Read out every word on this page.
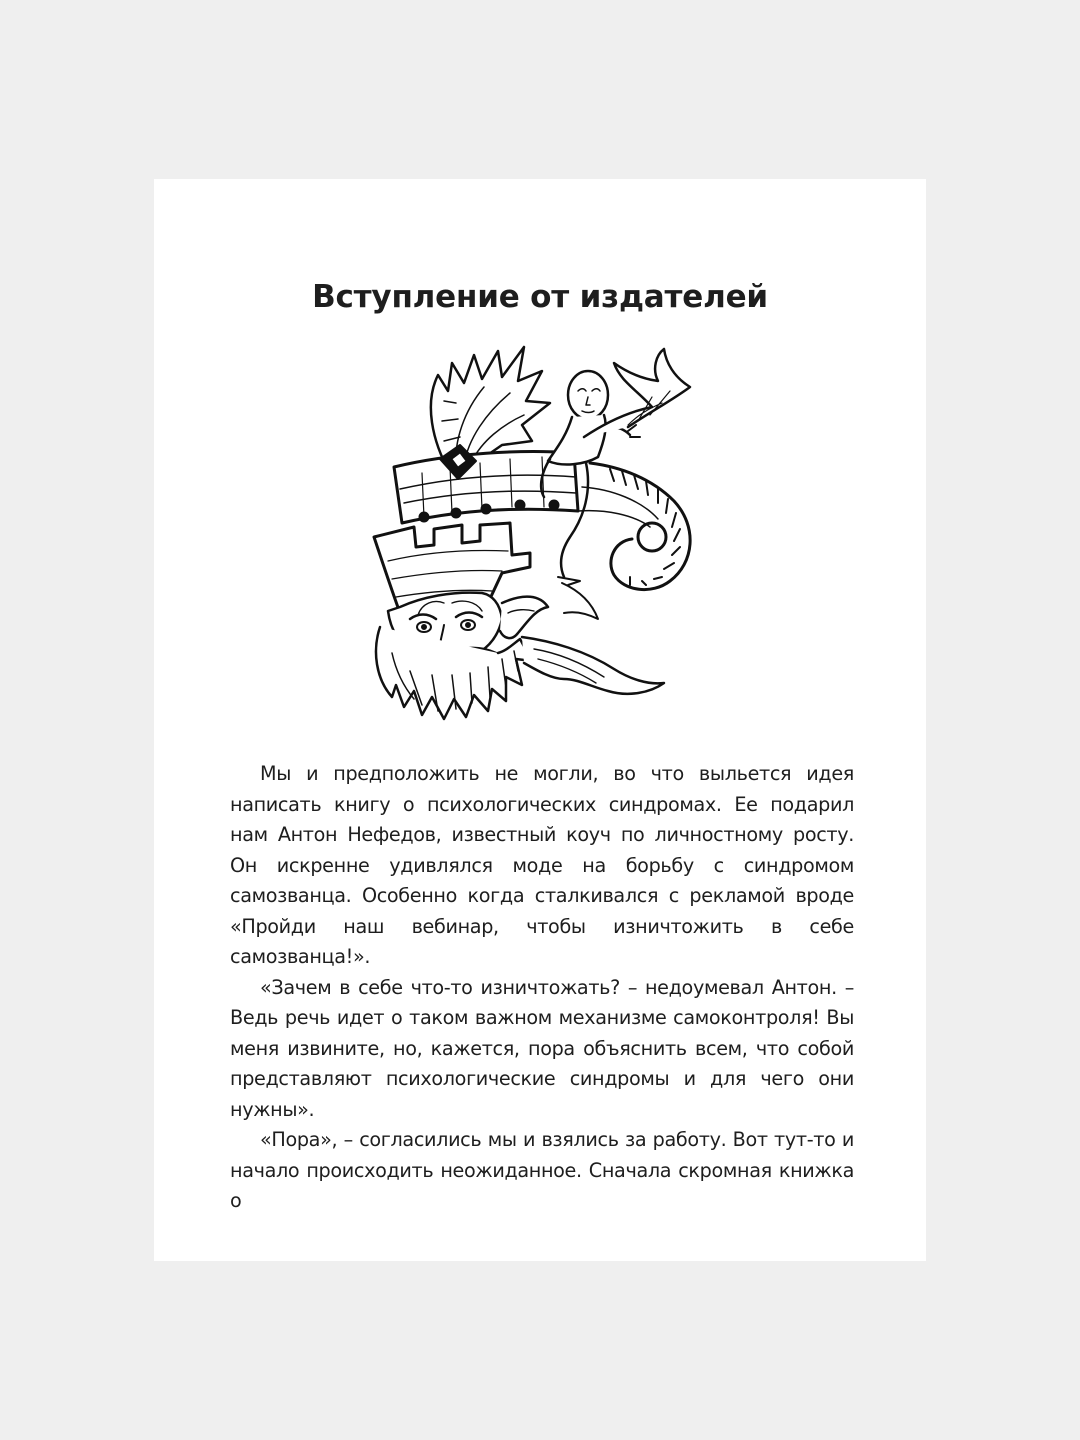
Вступление от издателей

Мы и предположить не могли, во что выльется идея написать книгу о психологических синдромах. Ее подарил нам Антон Нефедов, известный коуч по личностному росту. Он искренне удивлялся моде на борьбу с синдромом самозванца. Особенно когда сталкивался с рекламой вроде «Пройди наш вебинар, чтобы изничтожить в себе самозванца!».

«Зачем в себе что-то изничтожать? – недоумевал Антон. – Ведь речь идет о таком важном механизме самоконтроля! Вы меня извините, но, кажется, пора объяснить всем, что собой представляют психологические синдромы и для чего они нужны».

«Пора», – согласились мы и взялись за работу. Вот тут-то и начало происходить неожиданное. Сначала скромная книжка о
